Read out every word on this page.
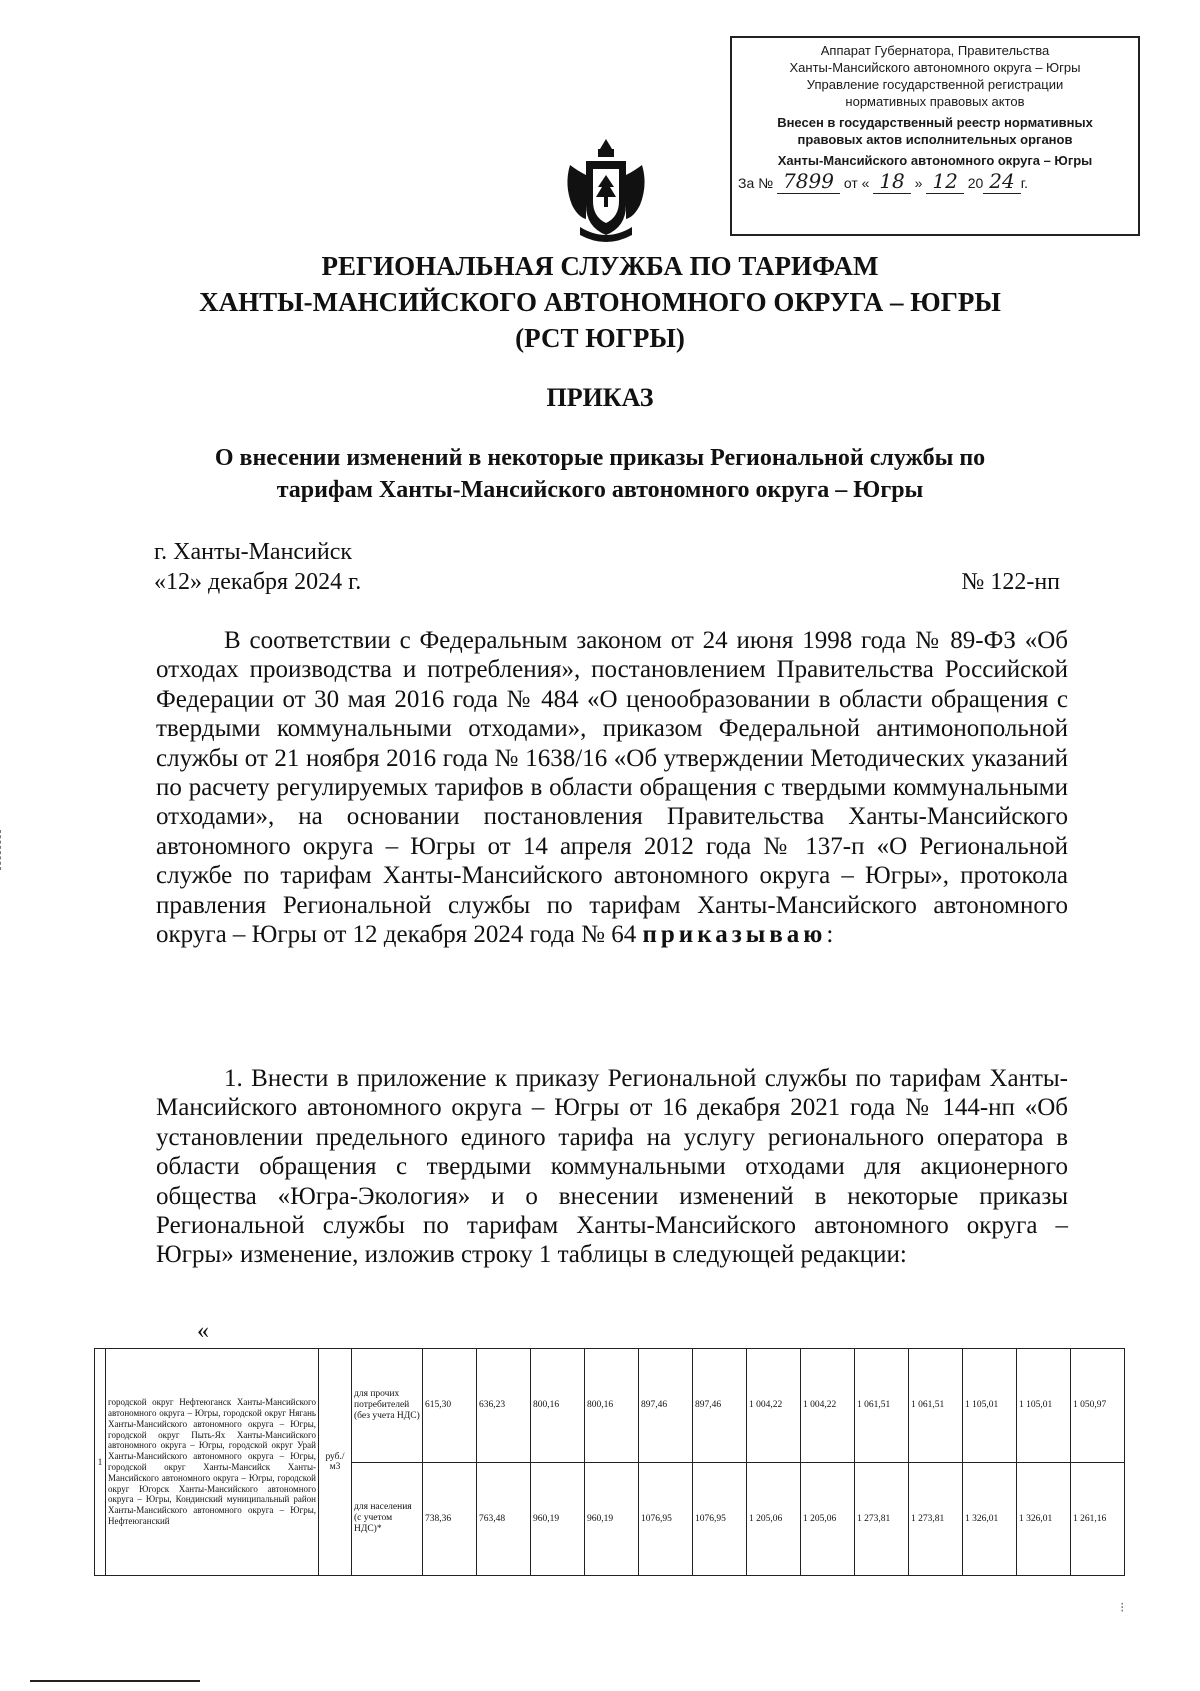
Аппарат Губернатора, Правительства
Ханты-Мансийского автономного округа – Югры
Управление государственной регистрации
нормативных правовых актов
Внесен в государственный реестр нормативных
правовых актов исполнительных органов
Ханты-Мансийского автономного округа – Югры
За № 7899 от « 18 » 12 20 24 г.
РЕГИОНАЛЬНАЯ СЛУЖБА ПО ТАРИФАМ
ХАНТЫ-МАНСИЙСКОГО АВТОНОМНОГО ОКРУГА – ЮГРЫ
(РСТ ЮГРЫ)
ПРИКАЗ
О внесении изменений в некоторые приказы Региональной службы по
тарифам Ханты-Мансийского автономного округа – Югры
г. Ханты-Мансийск
«12» декабря 2024 г.	№ 122-нп
В соответствии с Федеральным законом от 24 июня 1998 года № 89-ФЗ «Об отходах производства и потребления», постановлением Правительства Российской Федерации от 30 мая 2016 года № 484 «О ценообразовании в области обращения с твердыми коммунальными отходами», приказом Федеральной антимонопольной службы от 21 ноября 2016 года № 1638/16 «Об утверждении Методических указаний по расчету регулируемых тарифов в области обращения с твердыми коммунальными отходами», на основании постановления Правительства Ханты-Мансийского автономного округа – Югры от 14 апреля 2012 года № 137-п «О Региональной службе по тарифам Ханты-Мансийского автономного округа – Югры», протокола правления Региональной службы по тарифам Ханты-Мансийского автономного округа – Югры от 12 декабря 2024 года № 64 приказываю:
1. Внести в приложение к приказу Региональной службы по тарифам Ханты-Мансийского автономного округа – Югры от 16 декабря 2021 года № 144-нп «Об установлении предельного единого тарифа на услугу регионального оператора в области обращения с твердыми коммунальными отходами для акционерного общества «Югра-Экология» и о внесении изменений в некоторые приказы Региональной службы по тарифам Ханты-Мансийского автономного округа – Югры» изменение, изложив строку 1 таблицы в следующей редакции:
«
1	городской округ Нефтеюганск Ханты-Мансийского автономного округа – Югры, городской округ Нягань Ханты-Мансийского автономного округа – Югры, городской округ Пыть-Ях Ханты-Мансийского автономного округа – Югры, городской округ Урай Ханты-Мансийского автономного округа – Югры, городской округ Ханты-Мансийск Ханты-Мансийского автономного округа – Югры, городской округ Югорск Ханты-Мансийского автономного округа – Югры, Кондинский муниципальный район Ханты-Мансийского автономного округа – Югры, Нефтеюганский	руб./м3	для прочих потребителей (без учета НДС)	615,30	636,23	800,16	800,16	897,46	897,46	1 004,22	1 004,22	1 061,51	1 061,51	1 105,01	1 105,01	1 050,97
			для населения (с учетом НДС)*	738,36	763,48	960,19	960,19	1076,95	1076,95	1 205,06	1 205,06	1 273,81	1 273,81	1 326,01	1 326,01	1 261,16
⁝
